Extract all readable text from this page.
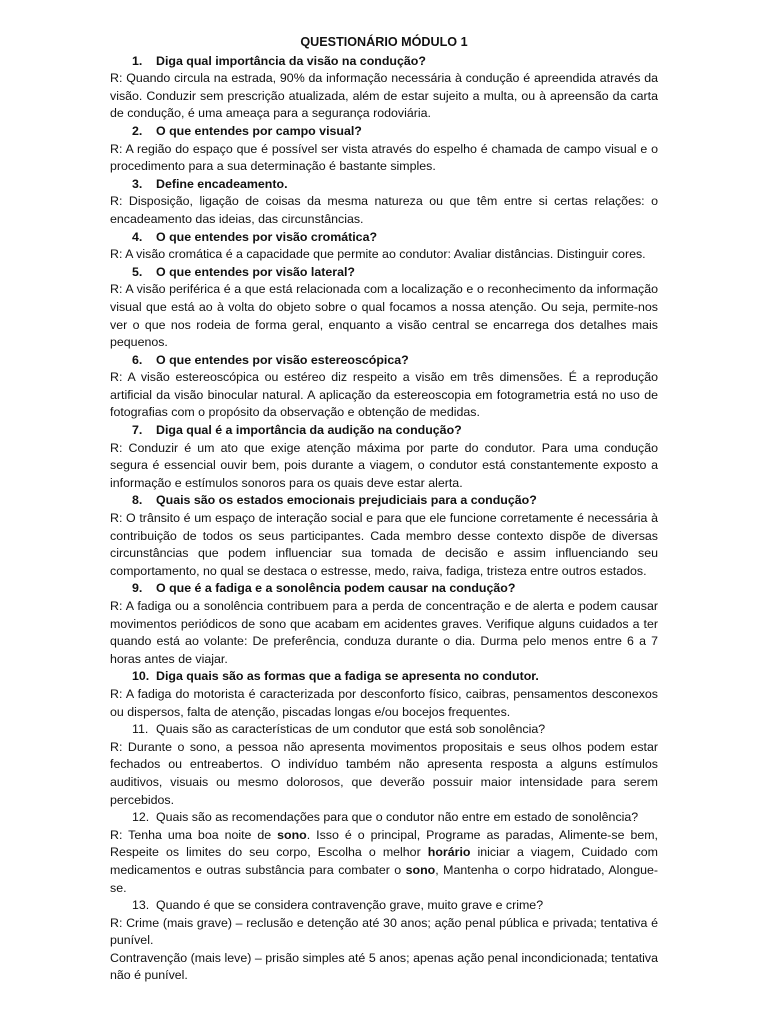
QUESTIONÁRIO MÓDULO 1

1. Diga qual importância da visão na condução?

R: Quando circula na estrada, 90% da informação necessária à condução é apreendida através da visão. Conduzir sem prescrição atualizada, além de estar sujeito a multa, ou à apreensão da carta de condução, é uma ameaça para a segurança rodoviária.

2. O que entendes por campo visual?

R: A região do espaço que é possível ser vista através do espelho é chamada de campo visual e o procedimento para a sua determinação é bastante simples.

3. Define encadeamento.

R: Disposição, ligação de coisas da mesma natureza ou que têm entre si certas relações: o encadeamento das ideias, das circunstâncias.

4. O que entendes por visão cromática?

R: A visão cromática é a capacidade que permite ao condutor: Avaliar distâncias. Distinguir cores.

5. O que entendes por visão lateral?

R: A visão periférica é a que está relacionada com a localização e o reconhecimento da informação visual que está ao à volta do objeto sobre o qual focamos a nossa atenção. Ou seja, permite-nos ver o que nos rodeia de forma geral, enquanto a visão central se encarrega dos detalhes mais pequenos.

6. O que entendes por visão estereoscópica?

R: A visão estereoscópica ou estéreo diz respeito a visão em três dimensões. É a reprodução artificial da visão binocular natural. A aplicação da estereoscopia em fotogrametria está no uso de fotografias com o propósito da observação e obtenção de medidas.

7. Diga qual é a importância da audição na condução?

R: Conduzir é um ato que exige atenção máxima por parte do condutor. Para uma condução segura é essencial ouvir bem, pois durante a viagem, o condutor está constantemente exposto a informação e estímulos sonoros para os quais deve estar alerta.

8. Quais são os estados emocionais prejudiciais para a condução?

R: O trânsito é um espaço de interação social e para que ele funcione corretamente é necessária à contribuição de todos os seus participantes. Cada membro desse contexto dispõe de diversas circunstâncias que podem influenciar sua tomada de decisão e assim influenciando seu comportamento, no qual se destaca o estresse, medo, raiva, fadiga, tristeza entre outros estados.

9. O que é a fadiga e a sonolência podem causar na condução?

R: A fadiga ou a sonolência contribuem para a perda de concentração e de alerta e podem causar movimentos periódicos de sono que acabam em acidentes graves. Verifique alguns cuidados a ter quando está ao volante: De preferência, conduza durante o dia. Durma pelo menos entre 6 a 7 horas antes de viajar.

10. Diga quais são as formas que a fadiga se apresenta no condutor.

R: A fadiga do motorista é caracterizada por desconforto físico, caibras, pensamentos desconexos ou dispersos, falta de atenção, piscadas longas e/ou bocejos frequentes.

11. Quais são as características de um condutor que está sob sonolência?

R: Durante o sono, a pessoa não apresenta movimentos propositais e seus olhos podem estar fechados ou entreabertos. O indivíduo também não apresenta resposta a alguns estímulos auditivos, visuais ou mesmo dolorosos, que deverão possuir maior intensidade para serem percebidos.

12. Quais são as recomendações para que o condutor não entre em estado de sonolência?

R: Tenha uma boa noite de sono. Isso é o principal, Programe as paradas, Alimente-se bem, Respeite os limites do seu corpo, Escolha o melhor horário iniciar a viagem, Cuidado com medicamentos e outras substância para combater o sono, Mantenha o corpo hidratado, Alongue-se.

13. Quando é que se considera contravenção grave, muito grave e crime?

R: Crime (mais grave) – reclusão e detenção até 30 anos; ação penal pública e privada; tentativa é punível.

Contravenção (mais leve) – prisão simples até 5 anos; apenas ação penal incondicionada; tentativa não é punível.
